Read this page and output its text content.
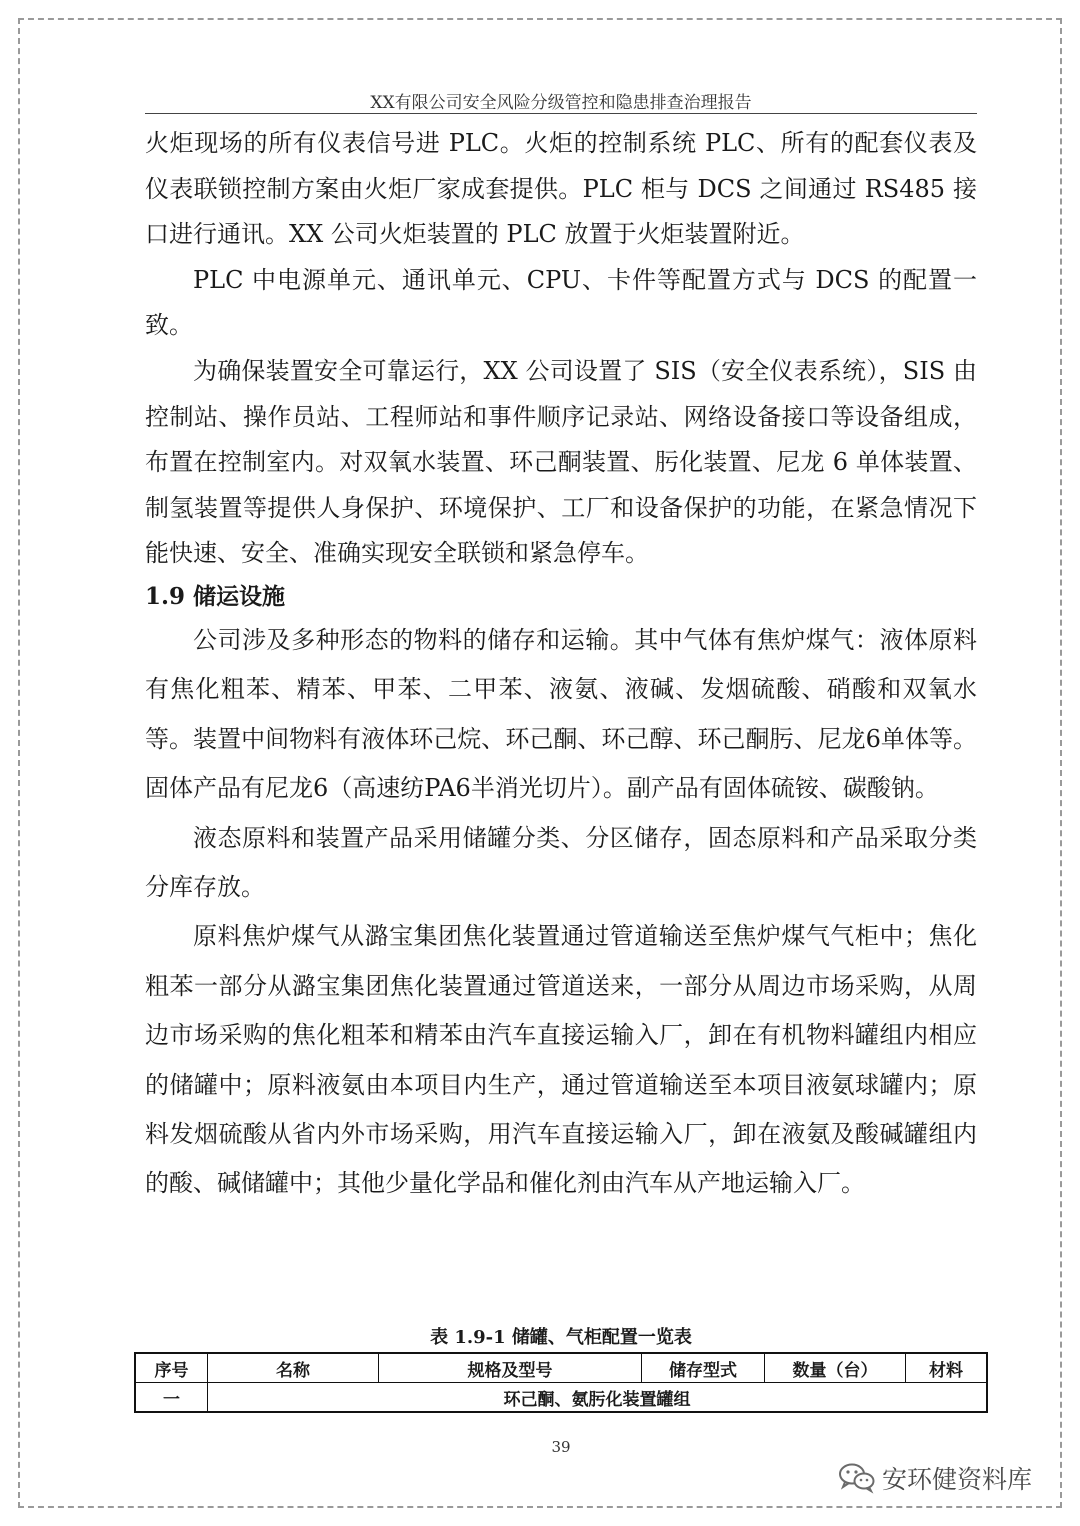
XX有限公司安全风险分级管控和隐患排查治理报告

火炬现场的所有仪表信号进 PLC。火炬的控制系统 PLC、所有的配套仪表及仪表联锁控制方案由火炬厂家成套提供。PLC 柜与 DCS 之间通过 RS485 接口进行通讯。XX 公司火炬装置的 PLC 放置于火炬装置附近。

PLC 中电源单元、通讯单元、CPU、卡件等配置方式与 DCS 的配置一致。

为确保装置安全可靠运行，XX 公司设置了 SIS（安全仪表系统），SIS 由控制站、操作员站、工程师站和事件顺序记录站、网络设备接口等设备组成，布置在控制室内。对双氧水装置、环己酮装置、肟化装置、尼龙 6 单体装置、制氢装置等提供人身保护、环境保护、工厂和设备保护的功能，在紧急情况下能快速、安全、准确实现安全联锁和紧急停车。

1.9 储运设施

公司涉及多种形态的物料的储存和运输。其中气体有焦炉煤气：液体原料有焦化粗苯、精苯、甲苯、二甲苯、液氨、液碱、发烟硫酸、硝酸和双氧水等。装置中间物料有液体环己烷、环己酮、环己醇、环己酮肟、尼龙6单体等。固体产品有尼龙6（高速纺PA6半消光切片）。副产品有固体硫铵、碳酸钠。

液态原料和装置产品采用储罐分类、分区储存，固态原料和产品采取分类分库存放。

原料焦炉煤气从潞宝集团焦化装置通过管道输送至焦炉煤气气柜中；焦化粗苯一部分从潞宝集团焦化装置通过管道送来，一部分从周边市场采购，从周边市场采购的焦化粗苯和精苯由汽车直接运输入厂，卸在有机物料罐组内相应的储罐中；原料液氨由本项目内生产，通过管道输送至本项目液氨球罐内；原料发烟硫酸从省内外市场采购，用汽车直接运输入厂，卸在液氨及酸碱罐组内的酸、碱储罐中；其他少量化学品和催化剂由汽车从产地运输入厂。

表 1.9-1 储罐、气柜配置一览表
序号	名称	规格及型号	储存型式	数量（台）	材料
一	环己酮、氨肟化装置罐组				
39
安环健资料库
